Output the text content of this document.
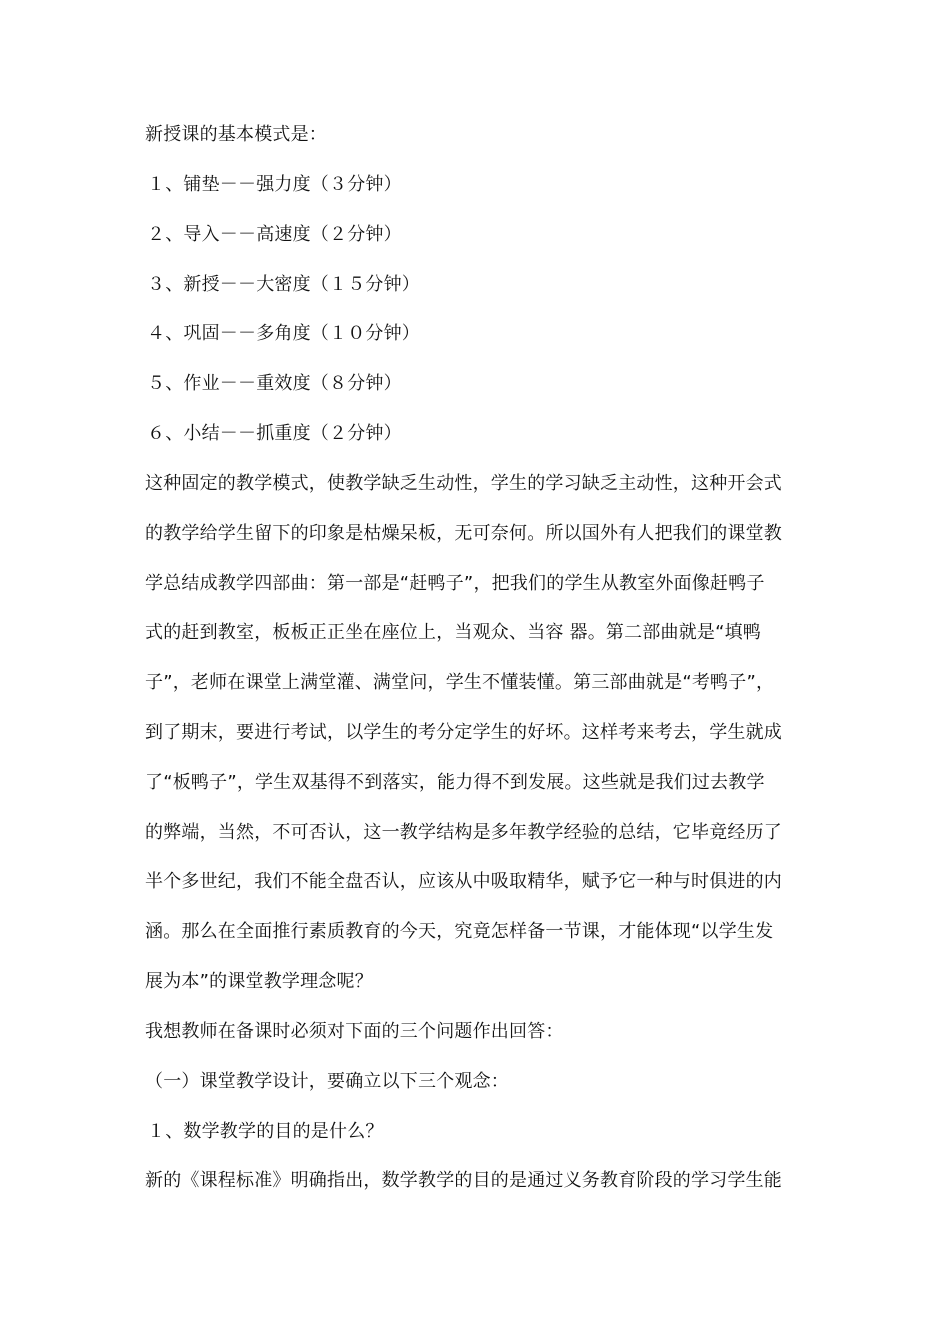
新授课的基本模式是：

１、铺垫－－强力度（３分钟）

２、导入－－高速度（２分钟）

３、新授－－大密度（１５分钟）

４、巩固－－多角度（１０分钟）

５、作业－－重效度（８分钟）

６、小结－－抓重度（２分钟）

这种固定的教学模式，使教学缺乏生动性，学生的学习缺乏主动性，这种开会式

的教学给学生留下的印象是枯燥呆板，无可奈何。所以国外有人把我们的课堂教

学总结成教学四部曲：第一部是“赶鸭子”，把我们的学生从教室外面像赶鸭子

式的赶到教室，板板正正坐在座位上，当观众、当容 器。第二部曲就是“填鸭

子”，老师在课堂上满堂灌、满堂问，学生不懂装懂。第三部曲就是“考鸭子”，

到了期末，要进行考试，以学生的考分定学生的好坏。这样考来考去，学生就成

了“板鸭子”，学生双基得不到落实，能力得不到发展。这些就是我们过去教学

的弊端，当然，不可否认，这一教学结构是多年教学经验的总结，它毕竟经历了

半个多世纪，我们不能全盘否认，应该从中吸取精华，赋予它一种与时俱进的内

涵。那么在全面推行素质教育的今天，究竟怎样备一节课，才能体现“以学生发

展为本”的课堂教学理念呢？

我想教师在备课时必须对下面的三个问题作出回答：

（一）课堂教学设计，要确立以下三个观念：

１、数学教学的目的是什么？

新的《课程标准》明确指出，数学教学的目的是通过义务教育阶段的学习学生能
